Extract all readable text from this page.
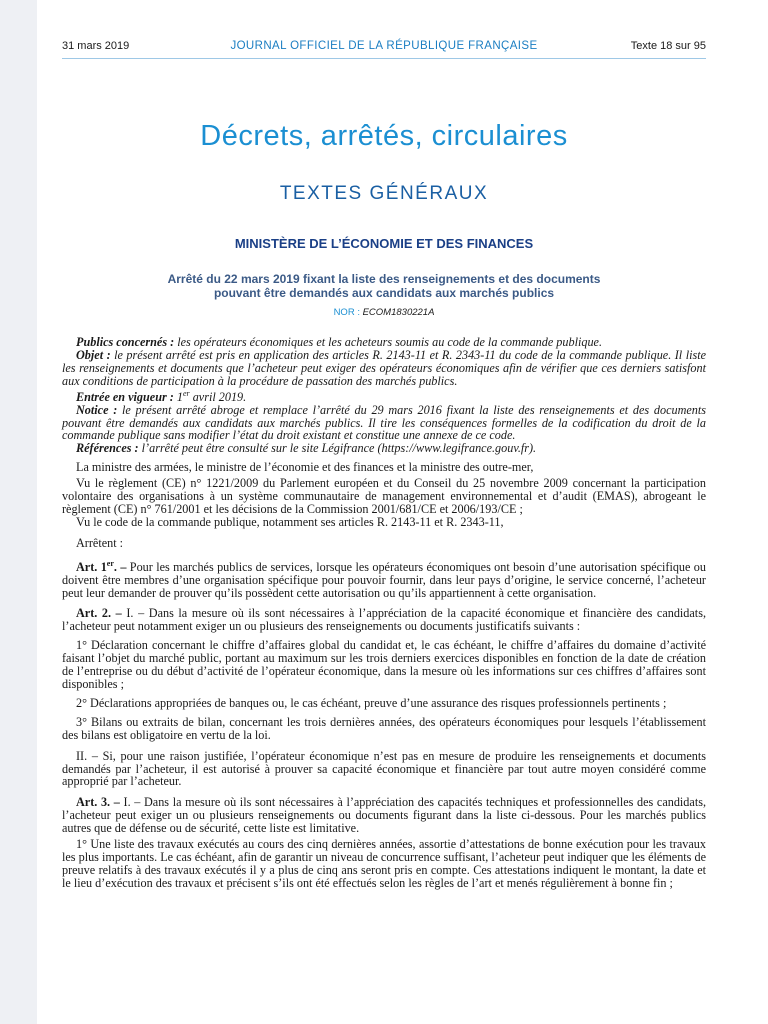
31 mars 2019	JOURNAL OFFICIEL DE LA RÉPUBLIQUE FRANÇAISE	Texte 18 sur 95
Décrets, arrêtés, circulaires
TEXTES GÉNÉRAUX
MINISTÈRE DE L’ÉCONOMIE ET DES FINANCES
Arrêté du 22 mars 2019 fixant la liste des renseignements et des documents
pouvant être demandés aux candidats aux marchés publics
NOR : ECOM1830221A

Publics concernés : les opérateurs économiques et les acheteurs soumis au code de la commande publique.

Objet : le présent arrêté est pris en application des articles R. 2143-11 et R. 2343-11 du code de la commande publique. Il liste les renseignements et documents que l’acheteur peut exiger des opérateurs économiques afin de vérifier que ces derniers satisfont aux conditions de participation à la procédure de passation des marchés publics.

Entrée en vigueur : 1er avril 2019.

Notice : le présent arrêté abroge et remplace l’arrêté du 29 mars 2016 fixant la liste des renseignements et des documents pouvant être demandés aux candidats aux marchés publics. Il tire les conséquences formelles de la codification du droit de la commande publique sans modifier l’état du droit existant et constitue une annexe de ce code.

Références : l’arrêté peut être consulté sur le site Légifrance (https://www.legifrance.gouv.fr).

La ministre des armées, le ministre de l’économie et des finances et la ministre des outre-mer,

Vu le règlement (CE) n° 1221/2009 du Parlement européen et du Conseil du 25 novembre 2009 concernant la participation volontaire des organisations à un système communautaire de management environnemental et d’audit (EMAS), abrogeant le règlement (CE) n° 761/2001 et les décisions de la Commission 2001/681/CE et 2006/193/CE ;

Vu le code de la commande publique, notamment ses articles R. 2143-11 et R. 2343-11,

Arrêtent :

Art. 1er. – Pour les marchés publics de services, lorsque les opérateurs économiques ont besoin d’une autorisation spécifique ou doivent être membres d’une organisation spécifique pour pouvoir fournir, dans leur pays d’origine, le service concerné, l’acheteur peut leur demander de prouver qu’ils possèdent cette autorisation ou qu’ils appartiennent à cette organisation.

Art. 2. – I. – Dans la mesure où ils sont nécessaires à l’appréciation de la capacité économique et financière des candidats, l’acheteur peut notamment exiger un ou plusieurs des renseignements ou documents justificatifs suivants :

1° Déclaration concernant le chiffre d’affaires global du candidat et, le cas échéant, le chiffre d’affaires du domaine d’activité faisant l’objet du marché public, portant au maximum sur les trois derniers exercices disponibles en fonction de la date de création de l’entreprise ou du début d’activité de l’opérateur économique, dans la mesure où les informations sur ces chiffres d’affaires sont disponibles ;

2° Déclarations appropriées de banques ou, le cas échéant, preuve d’une assurance des risques professionnels pertinents ;

3° Bilans ou extraits de bilan, concernant les trois dernières années, des opérateurs économiques pour lesquels l’établissement des bilans est obligatoire en vertu de la loi.

II. – Si, pour une raison justifiée, l’opérateur économique n’est pas en mesure de produire les renseignements et documents demandés par l’acheteur, il est autorisé à prouver sa capacité économique et financière par tout autre moyen considéré comme approprié par l’acheteur.

Art. 3. – I. – Dans la mesure où ils sont nécessaires à l’appréciation des capacités techniques et professionnelles des candidats, l’acheteur peut exiger un ou plusieurs renseignements ou documents figurant dans la liste ci-dessous. Pour les marchés publics autres que de défense ou de sécurité, cette liste est limitative.

1° Une liste des travaux exécutés au cours des cinq dernières années, assortie d’attestations de bonne exécution pour les travaux les plus importants. Le cas échéant, afin de garantir un niveau de concurrence suffisant, l’acheteur peut indiquer que les éléments de preuve relatifs à des travaux exécutés il y a plus de cinq ans seront pris en compte. Ces attestations indiquent le montant, la date et le lieu d’exécution des travaux et précisent s’ils ont été effectués selon les règles de l’art et menés régulièrement à bonne fin ;
